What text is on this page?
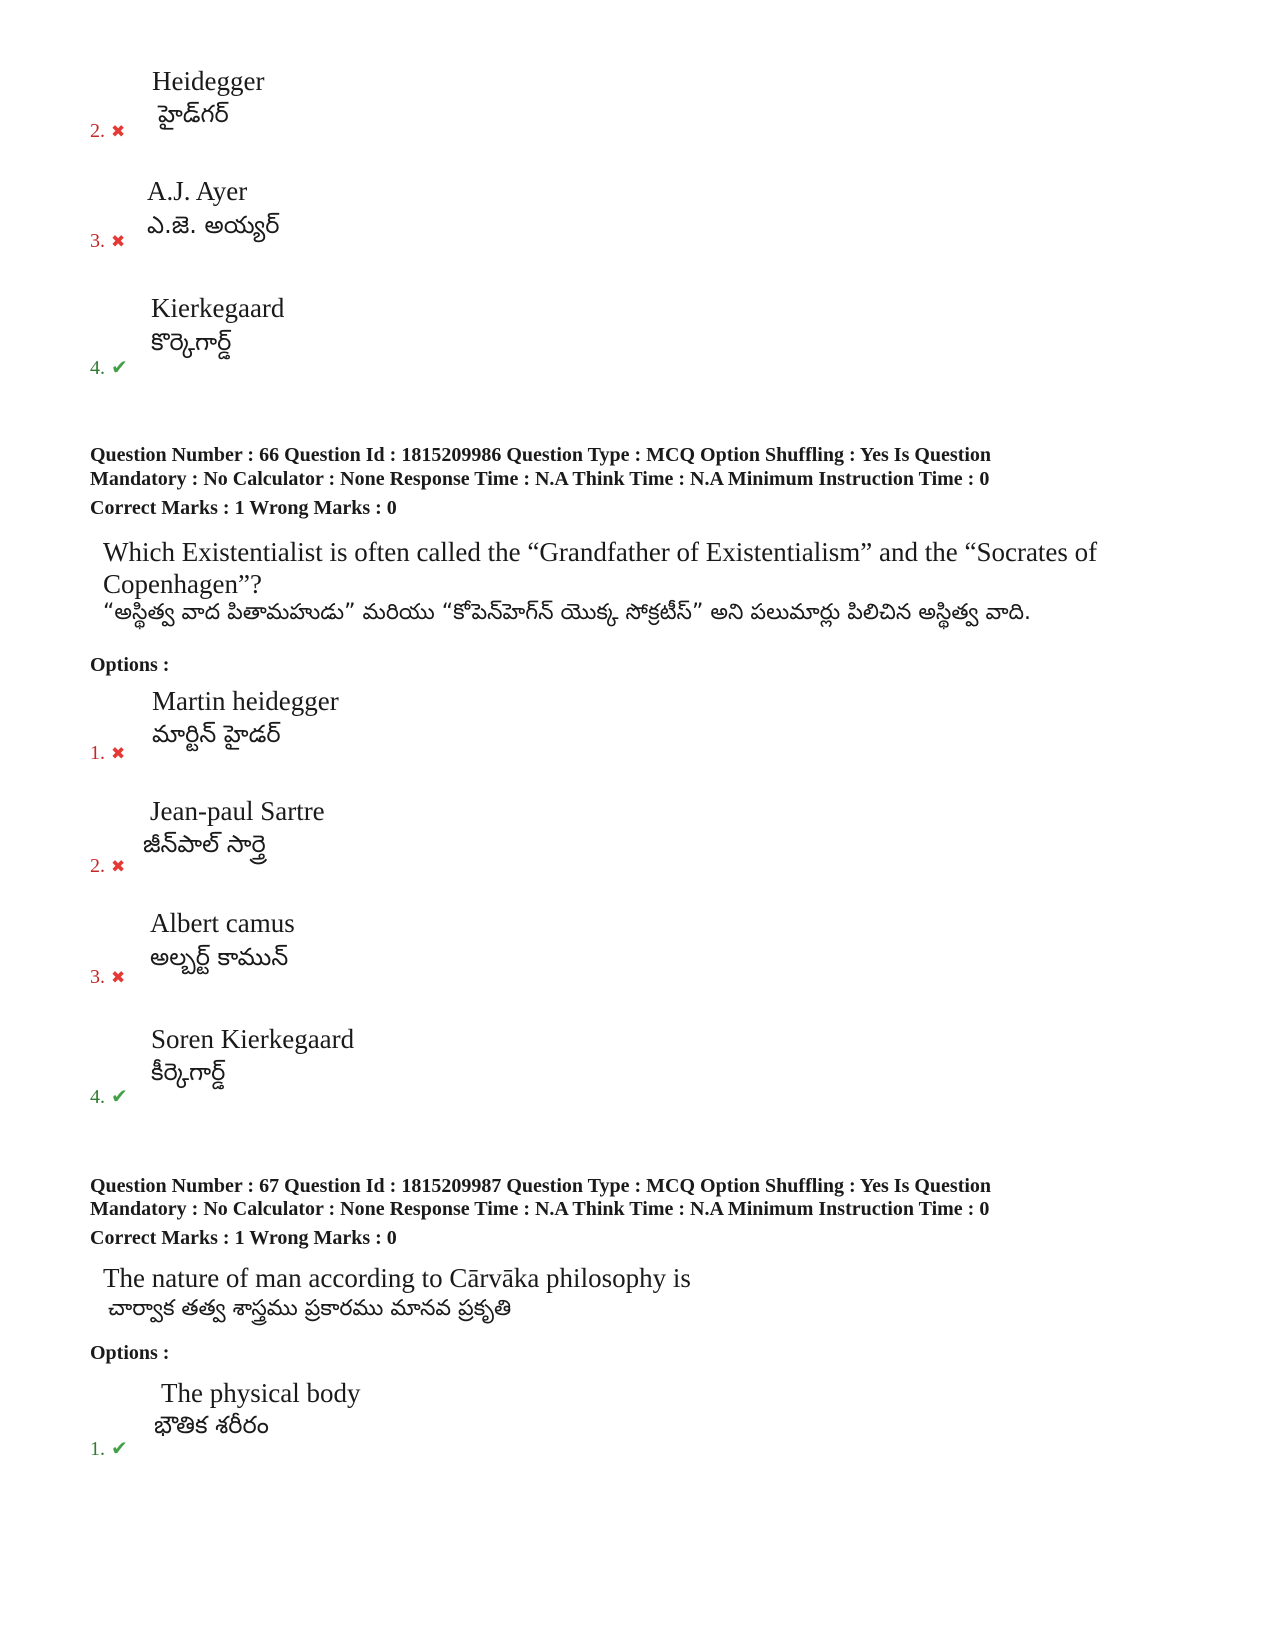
Heidegger
హైడ్‌గర్
2. ✖
A.J. Ayer
ఎ.జె. అయ్యర్
3. ✖
Kierkegaard
కొర్కెగార్డ్
4. ✔
Question Number : 66 Question Id : 1815209986 Question Type : MCQ Option Shuffling : Yes Is Question
Mandatory : No Calculator : None Response Time : N.A Think Time : N.A Minimum Instruction Time : 0
Correct Marks : 1 Wrong Marks : 0
Which Existentialist is often called the “Grandfather of Existentialism” and the “Socrates of
Copenhagen”?
“అస్థిత్వ వాద పితామహుడు” మరియు “కోపెన్‌హెగ్‌న్ యొక్క సోక్రటీస్” అని పలుమార్లు పిలిచిన అస్థిత్వ వాది.
Options :
Martin heidegger
మార్టిన్ హైడర్
1. ✖
Jean-paul Sartre
జీన్‌పాల్ సార్త్రె
2. ✖
Albert camus
అల్బర్ట్ కామున్
3. ✖
Soren Kierkegaard
కీర్కెగార్డ్
4. ✔
Question Number : 67 Question Id : 1815209987 Question Type : MCQ Option Shuffling : Yes Is Question
Mandatory : No Calculator : None Response Time : N.A Think Time : N.A Minimum Instruction Time : 0
Correct Marks : 1 Wrong Marks : 0
The nature of man according to Cārvāka philosophy is
చార్వాక తత్వ శాస్త్రము ప్రకారము మానవ ప్రకృతి
Options :
The physical body
భౌతిక శరీరం
1. ✔
